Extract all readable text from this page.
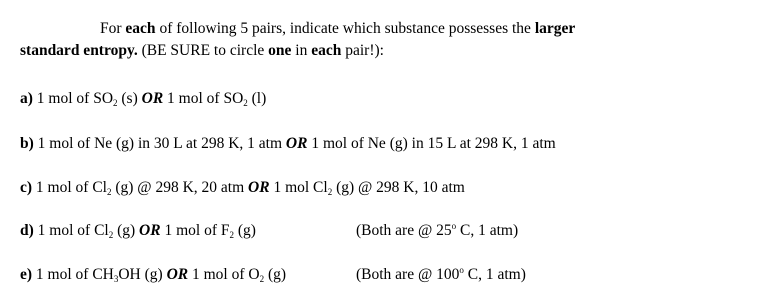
For each of following 5 pairs, indicate which substance possesses the larger
standard entropy. (BE SURE to circle one in each pair!):
a) 1 mol of $SO_2$ (s) OR 1 mol of $SO_2$ (l)
b) 1 mol of Ne (g) in 30 L at 298 K, 1 atm OR 1 mol of Ne (g) in 15 L at 298 K, 1 atm
c) 1 mol of $Cl_2$ (g) @ 298 K, 20 atm OR 1 mol $Cl_2$ (g) @ 298 K, 10 atm
d) 1 mol of $Cl_2$ (g) OR 1 mol of $F_2$ (g)	(Both are @ 25$^o$ C, 1 atm)
e) 1 mol of $CH_3OH$ (g) OR 1 mol of $O_2$ (g)	(Both are @ 100$^o$ C, 1 atm)
